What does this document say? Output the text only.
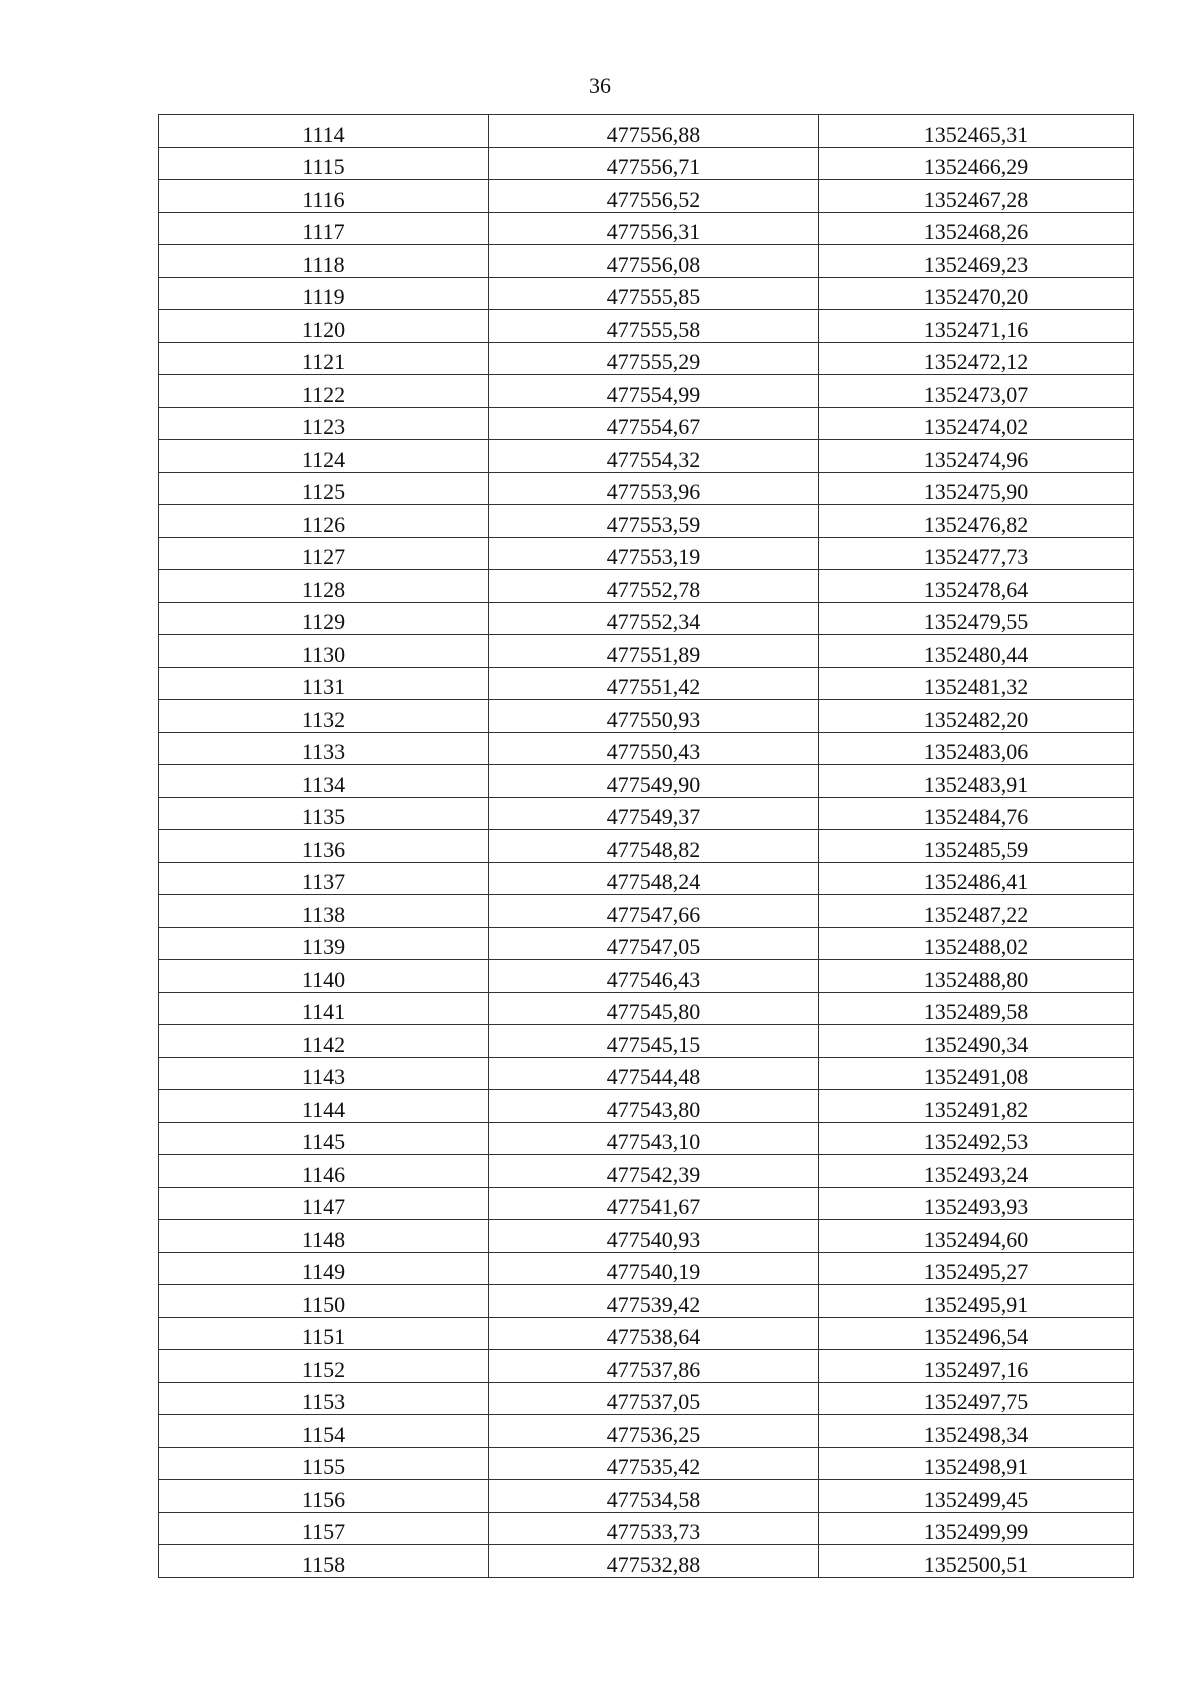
36
1114	477556,88	1352465,31
1115	477556,71	1352466,29
1116	477556,52	1352467,28
1117	477556,31	1352468,26
1118	477556,08	1352469,23
1119	477555,85	1352470,20
1120	477555,58	1352471,16
1121	477555,29	1352472,12
1122	477554,99	1352473,07
1123	477554,67	1352474,02
1124	477554,32	1352474,96
1125	477553,96	1352475,90
1126	477553,59	1352476,82
1127	477553,19	1352477,73
1128	477552,78	1352478,64
1129	477552,34	1352479,55
1130	477551,89	1352480,44
1131	477551,42	1352481,32
1132	477550,93	1352482,20
1133	477550,43	1352483,06
1134	477549,90	1352483,91
1135	477549,37	1352484,76
1136	477548,82	1352485,59
1137	477548,24	1352486,41
1138	477547,66	1352487,22
1139	477547,05	1352488,02
1140	477546,43	1352488,80
1141	477545,80	1352489,58
1142	477545,15	1352490,34
1143	477544,48	1352491,08
1144	477543,80	1352491,82
1145	477543,10	1352492,53
1146	477542,39	1352493,24
1147	477541,67	1352493,93
1148	477540,93	1352494,60
1149	477540,19	1352495,27
1150	477539,42	1352495,91
1151	477538,64	1352496,54
1152	477537,86	1352497,16
1153	477537,05	1352497,75
1154	477536,25	1352498,34
1155	477535,42	1352498,91
1156	477534,58	1352499,45
1157	477533,73	1352499,99
1158	477532,88	1352500,51
